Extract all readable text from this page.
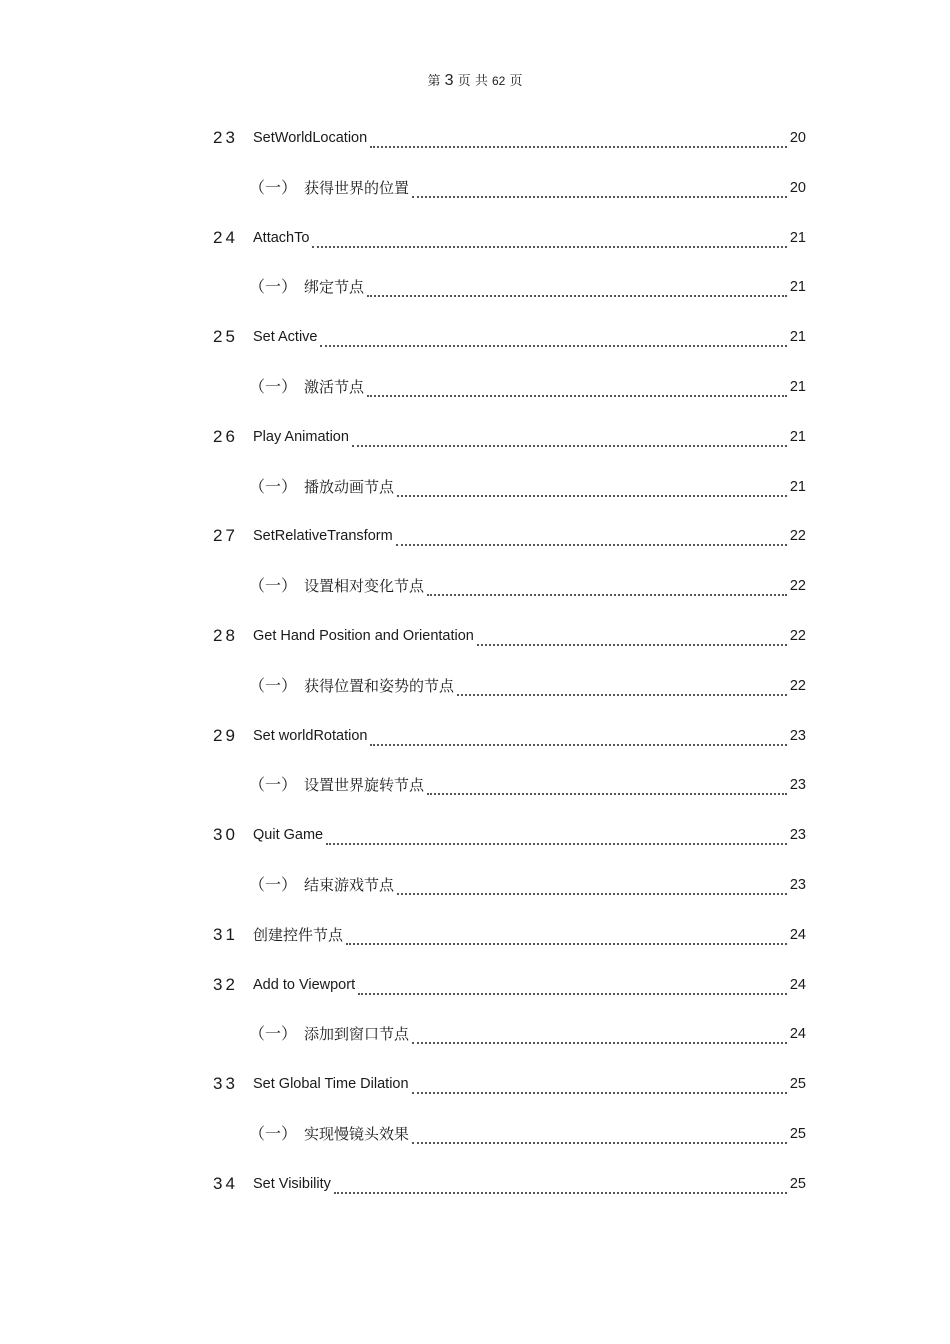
第 3 页 共 62 页
23	SetWorldLocation	20
（一） 获得世界的位置	20
24	AttachTo	21
（一） 绑定节点	21
25	Set Active	21
（一） 激活节点	21
26	Play Animation	21
（一） 播放动画节点	21
27	SetRelativeTransform	22
（一） 设置相对变化节点	22
28	Get Hand Position and Orientation	22
（一） 获得位置和姿势的节点	22
29	Set worldRotation	23
（一） 设置世界旋转节点	23
30	Quit Game	23
（一） 结束游戏节点	23
31	创建控件节点	24
32	Add to Viewport	24
（一） 添加到窗口节点	24
33	Set Global Time Dilation	25
（一） 实现慢镜头效果	25
34	Set Visibility	25
